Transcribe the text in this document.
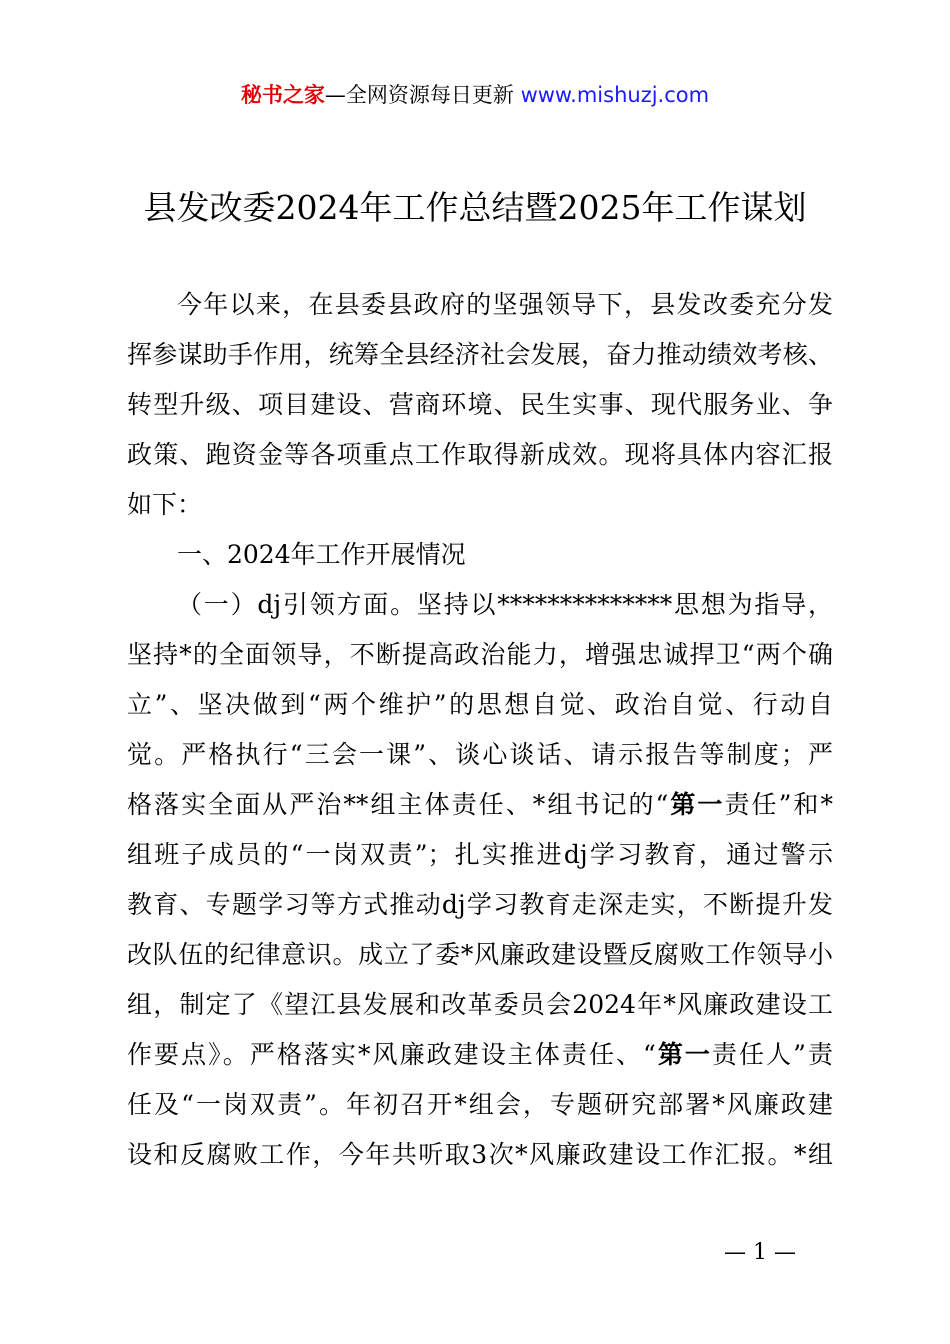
秘书之家—全网资源每日更新 www.mishuzj.com
县发改委2024年工作总结暨2025年工作谋划

今年以来，在县委县政府的坚强领导下，县发改委充分发
挥参谋助手作用，统筹全县经济社会发展，奋力推动绩效考核、
转型升级、项目建设、营商环境、民生实事、现代服务业、争
政策、跑资金等各项重点工作取得新成效。现将具体内容汇报
如下：

一、2024年工作开展情况

（一）dj引领方面。坚持以**************思想为指导，
坚持*的全面领导，不断提高政治能力，增强忠诚捍卫“两个确
立”、坚决做到“两个维护”的思想自觉、政治自觉、行动自
觉。严格执行“三会一课”、谈心谈话、请示报告等制度；严
格落实全面从严治**组主体责任、*组书记的“第一责任”和*
组班子成员的“一岗双责”；扎实推进dj学习教育，通过警示
教育、专题学习等方式推动dj学习教育走深走实，不断提升发
改队伍的纪律意识。成立了委*风廉政建设暨反腐败工作领导小
组，制定了《望江县发展和改革委员会2024年*风廉政建设工
作要点》。严格落实*风廉政建设主体责任、“第一责任人”责
任及“一岗双责”。年初召开*组会，专题研究部署*风廉政建
设和反腐败工作，今年共听取3次*风廉政建设工作汇报。*组

— 1 —
